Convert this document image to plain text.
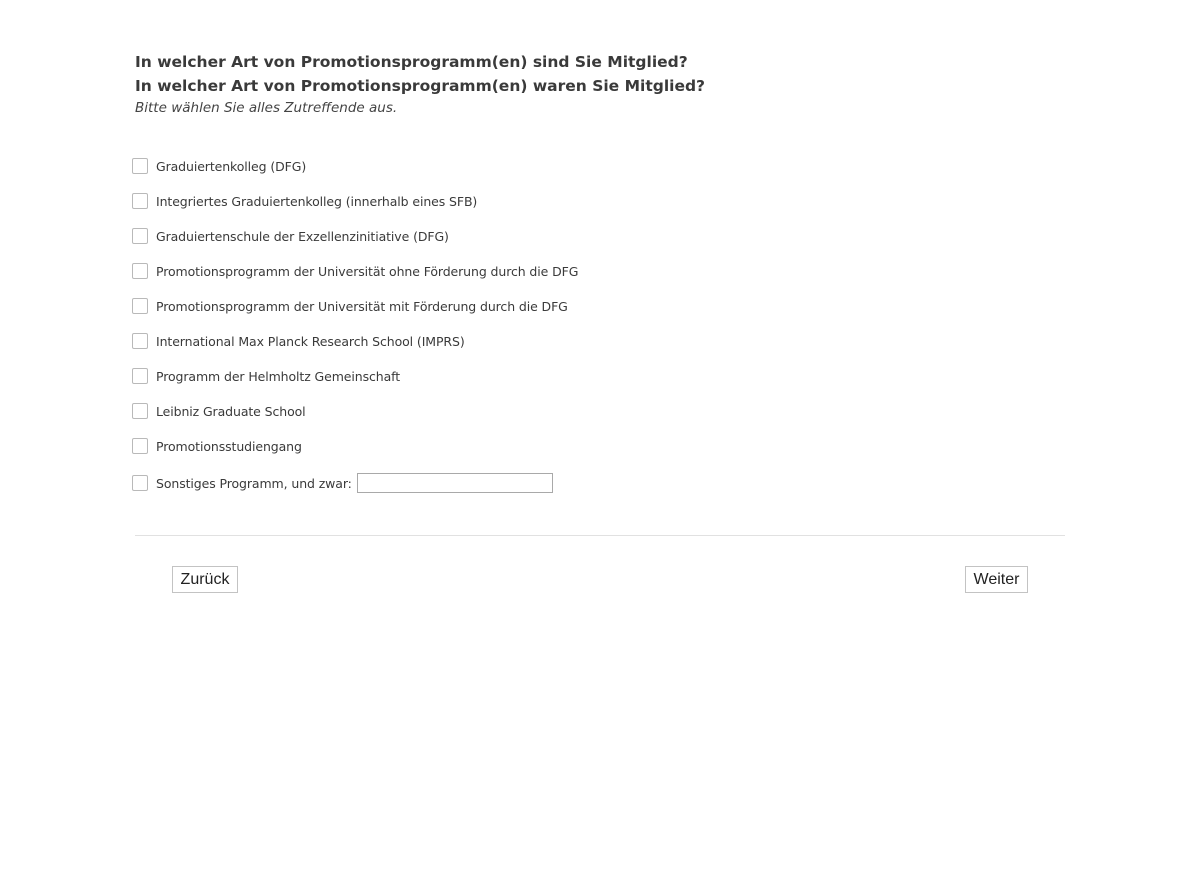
In welcher Art von Promotionsprogramm(en) sind Sie Mitglied?
In welcher Art von Promotionsprogramm(en) waren Sie Mitglied?
Bitte wählen Sie alles Zutreffende aus.
Graduiertenkolleg (DFG)
Integriertes Graduiertenkolleg (innerhalb eines SFB)
Graduiertenschule der Exzellenzinitiative (DFG)
Promotionsprogramm der Universität ohne Förderung durch die DFG
Promotionsprogramm der Universität mit Förderung durch die DFG
International Max Planck Research School (IMPRS)
Programm der Helmholtz Gemeinschaft
Leibniz Graduate School
Promotionsstudiengang
Sonstiges Programm, und zwar:
Zurück	Weiter
